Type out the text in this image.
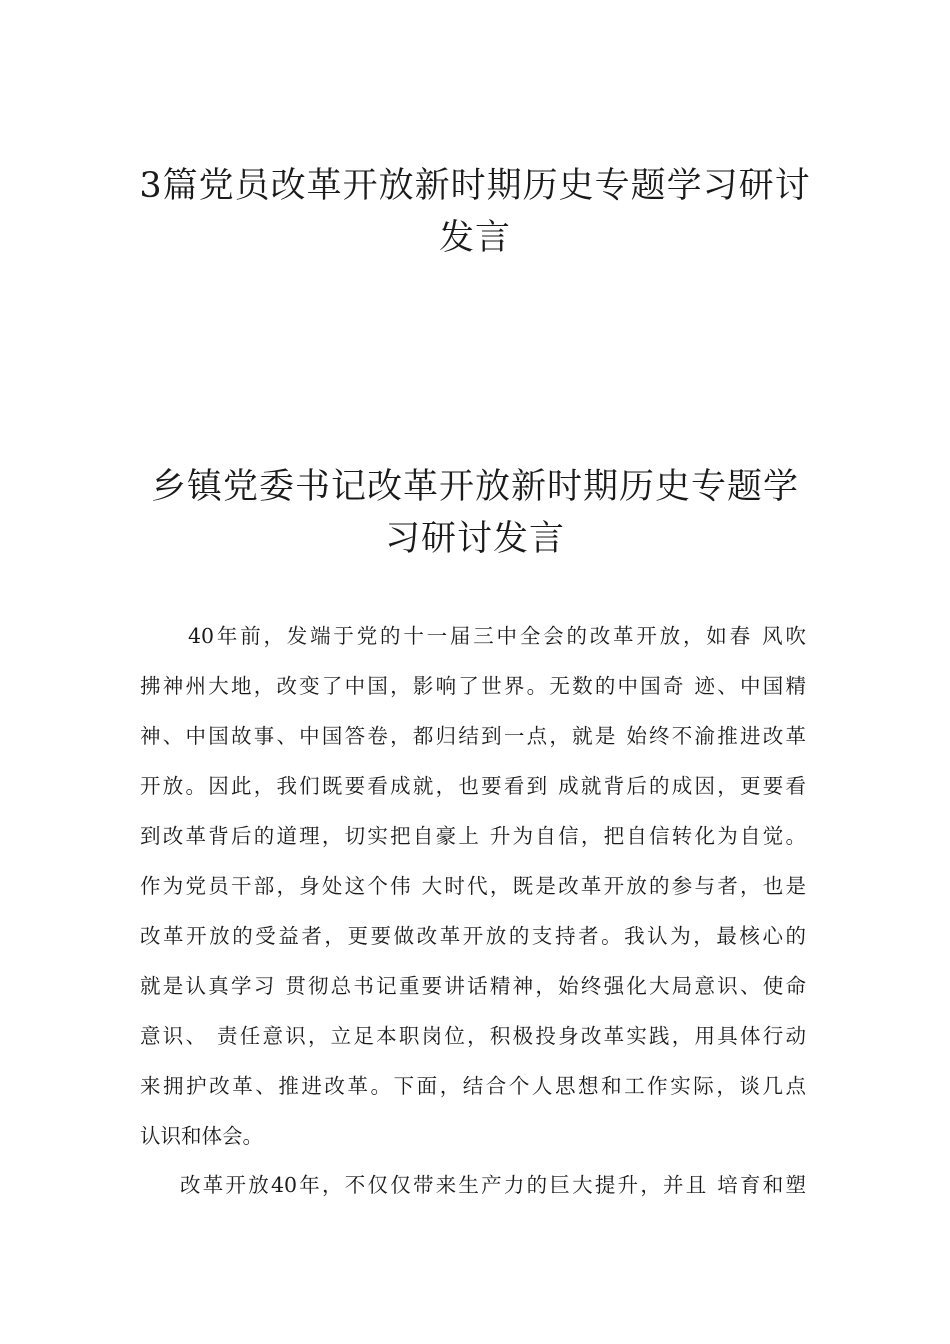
3篇党员改革开放新时期历史专题学习研讨
发言
乡镇党委书记改革开放新时期历史专题学
习研讨发言
40年前，发端于党的十一届三中全会的改革开放，如春 风吹
拂神州大地，改变了中国，影响了世界。无数的中国奇 迹、中国精
神、中国故事、中国答卷，都归结到一点，就是 始终不渝推进改革
开放。因此，我们既要看成就，也要看到 成就背后的成因，更要看
到改革背后的道理，切实把自豪上 升为自信，把自信转化为自觉。
作为党员干部，身处这个伟 大时代，既是改革开放的参与者，也是
改革开放的受益者，更要做改革开放的支持者。我认为，最核心的
就是认真学习 贯彻总书记重要讲话精神，始终强化大局意识、使命
意识、 责任意识，立足本职岗位，积极投身改革实践，用具体行动
来拥护改革、推进改革。下面，结合个人思想和工作实际，谈几点
认识和体会。
改革开放40年，不仅仅带来生产力的巨大提升，并且 培育和塑
